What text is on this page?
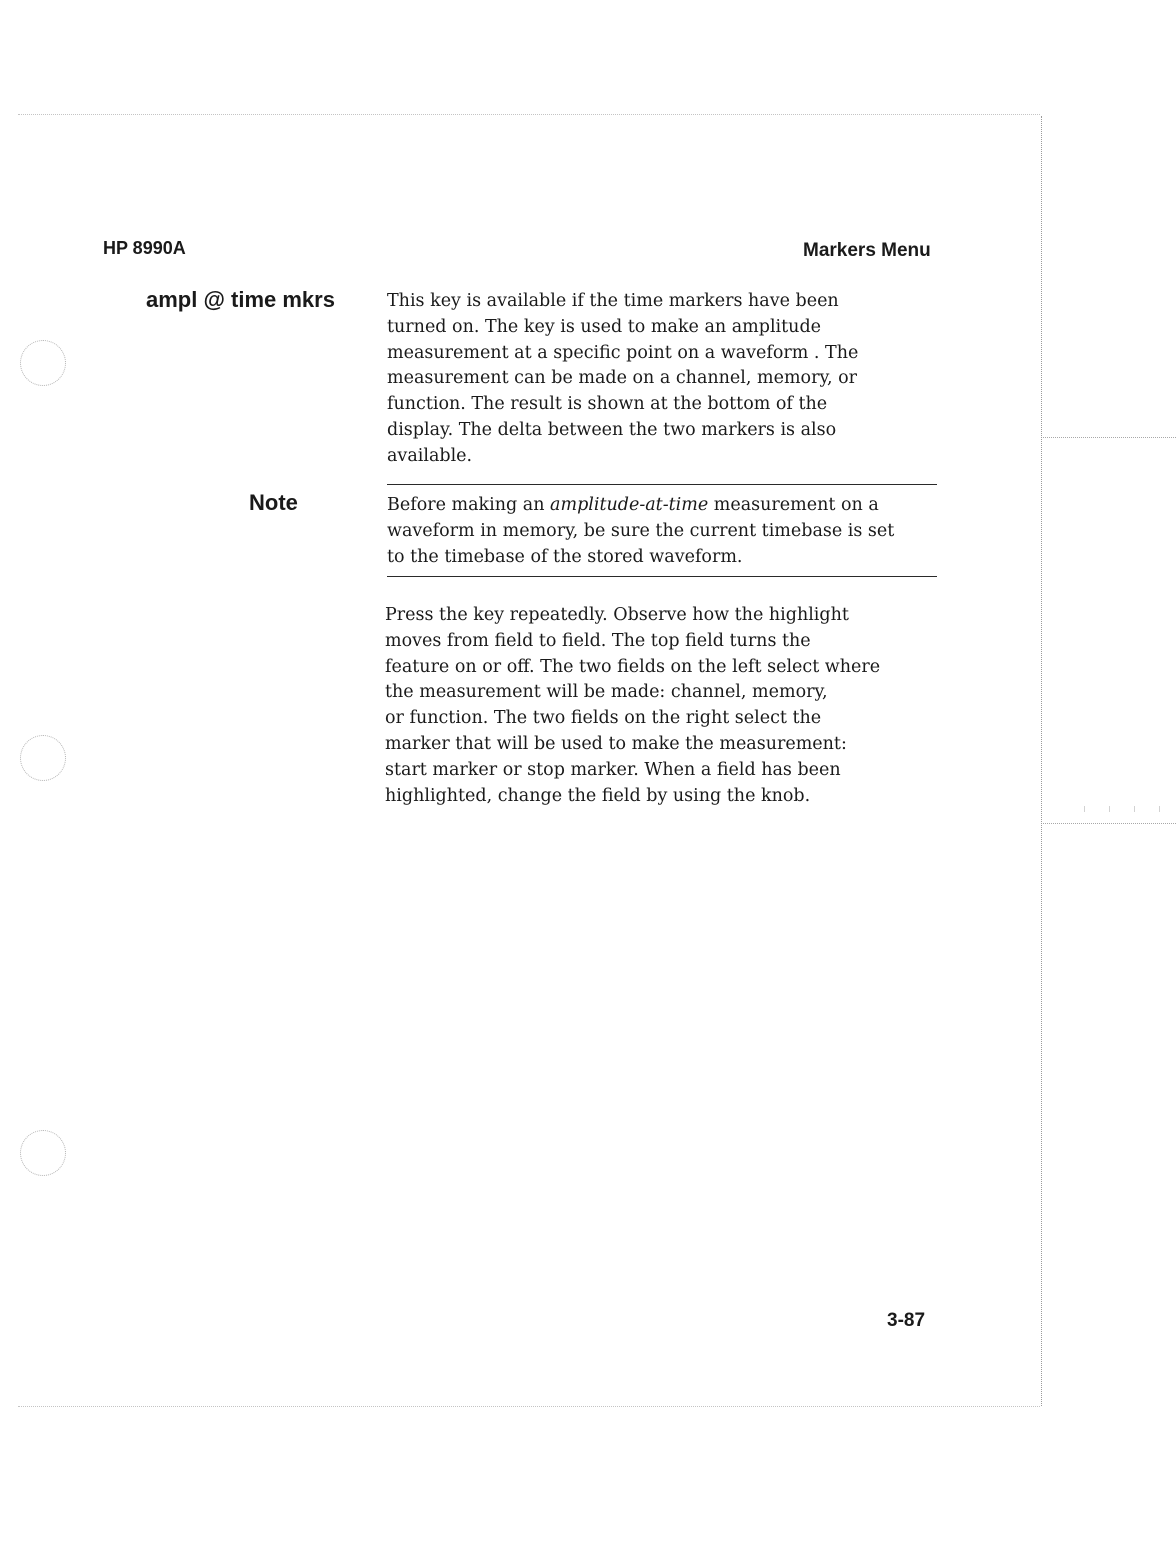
HP 8990A	Markers Menu
ampl @ time mkrs	This key is available if the time markers have been
turned on. The key is used to make an amplitude
measurement at a specific point on a waveform . The
measurement can be made on a channel, memory, or
function. The result is shown at the bottom of the
display. The delta between the two markers is also
available.

Note	Before making an amplitude-at-time measurement on a
waveform in memory, be sure the current timebase is set
to the timebase of the stored waveform.

Press the key repeatedly. Observe how the highlight
moves from field to field. The top field turns the
feature on or off. The two fields on the left select where
the measurement will be made: channel, memory,
or function. The two fields on the right select the
marker that will be used to make the measurement:
start marker or stop marker. When a field has been
highlighted, change the field by using the knob.

3-87
